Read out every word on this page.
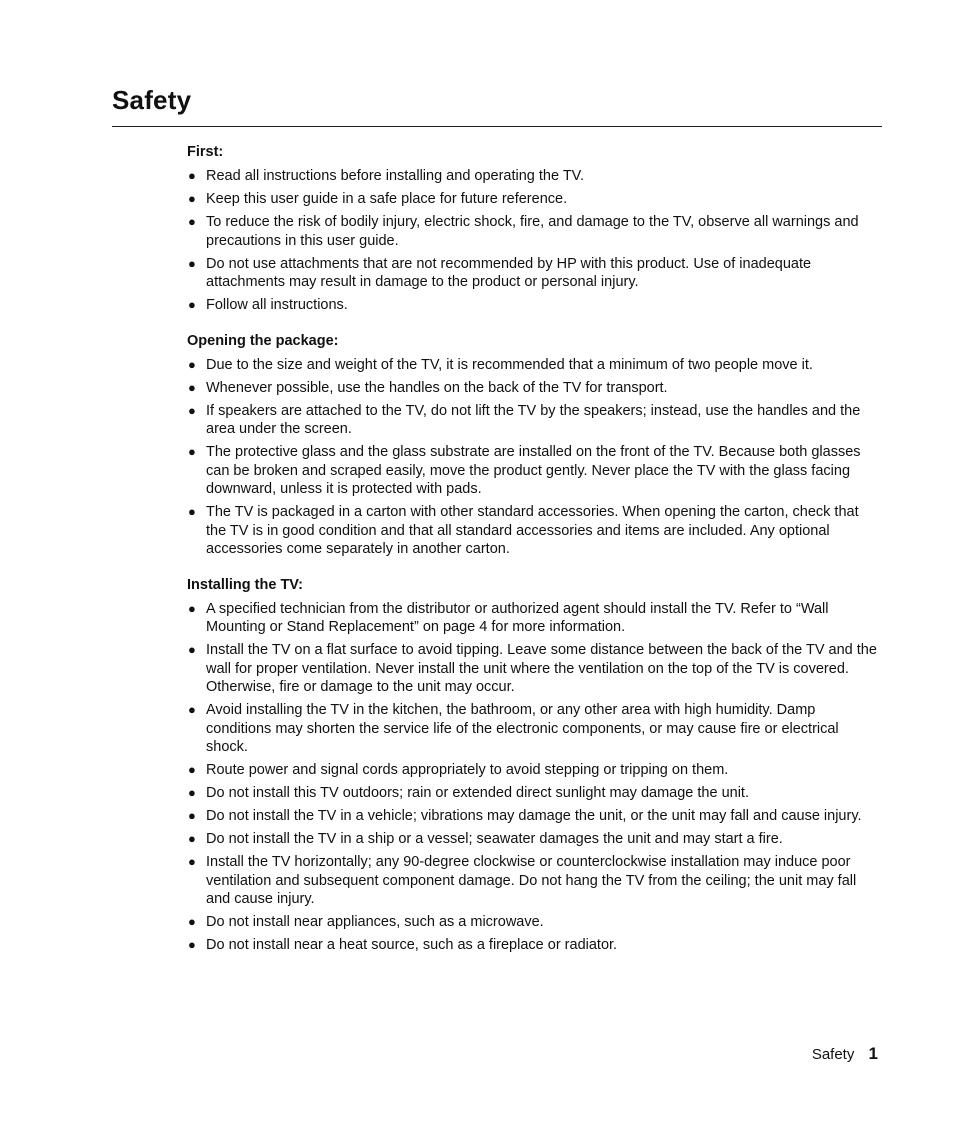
Safety
First:
● Read all instructions before installing and operating the TV.
● Keep this user guide in a safe place for future reference.
● To reduce the risk of bodily injury, electric shock, fire, and damage to the TV, observe all warnings and precautions in this user guide.
● Do not use attachments that are not recommended by HP with this product. Use of inadequate attachments may result in damage to the product or personal injury.
● Follow all instructions.
Opening the package:
● Due to the size and weight of the TV, it is recommended that a minimum of two people move it.
● Whenever possible, use the handles on the back of the TV for transport.
● If speakers are attached to the TV, do not lift the TV by the speakers; instead, use the handles and the area under the screen.
● The protective glass and the glass substrate are installed on the front of the TV. Because both glasses can be broken and scraped easily, move the product gently. Never place the TV with the glass facing downward, unless it is protected with pads.
● The TV is packaged in a carton with other standard accessories. When opening the carton, check that the TV is in good condition and that all standard accessories and items are included. Any optional accessories come separately in another carton.
Installing the TV:
● A specified technician from the distributor or authorized agent should install the TV. Refer to “Wall Mounting or Stand Replacement” on page 4 for more information.
● Install the TV on a flat surface to avoid tipping. Leave some distance between the back of the TV and the wall for proper ventilation. Never install the unit where the ventilation on the top of the TV is covered. Otherwise, fire or damage to the unit may occur.
● Avoid installing the TV in the kitchen, the bathroom, or any other area with high humidity. Damp conditions may shorten the service life of the electronic components, or may cause fire or electrical shock.
● Route power and signal cords appropriately to avoid stepping or tripping on them.
● Do not install this TV outdoors; rain or extended direct sunlight may damage the unit.
● Do not install the TV in a vehicle; vibrations may damage the unit, or the unit may fall and cause injury.
● Do not install the TV in a ship or a vessel; seawater damages the unit and may start a fire.
● Install the TV horizontally; any 90-degree clockwise or counterclockwise installation may induce poor ventilation and subsequent component damage. Do not hang the TV from the ceiling; the unit may fall and cause injury.
● Do not install near appliances, such as a microwave.
● Do not install near a heat source, such as a fireplace or radiator.
Safety 1
